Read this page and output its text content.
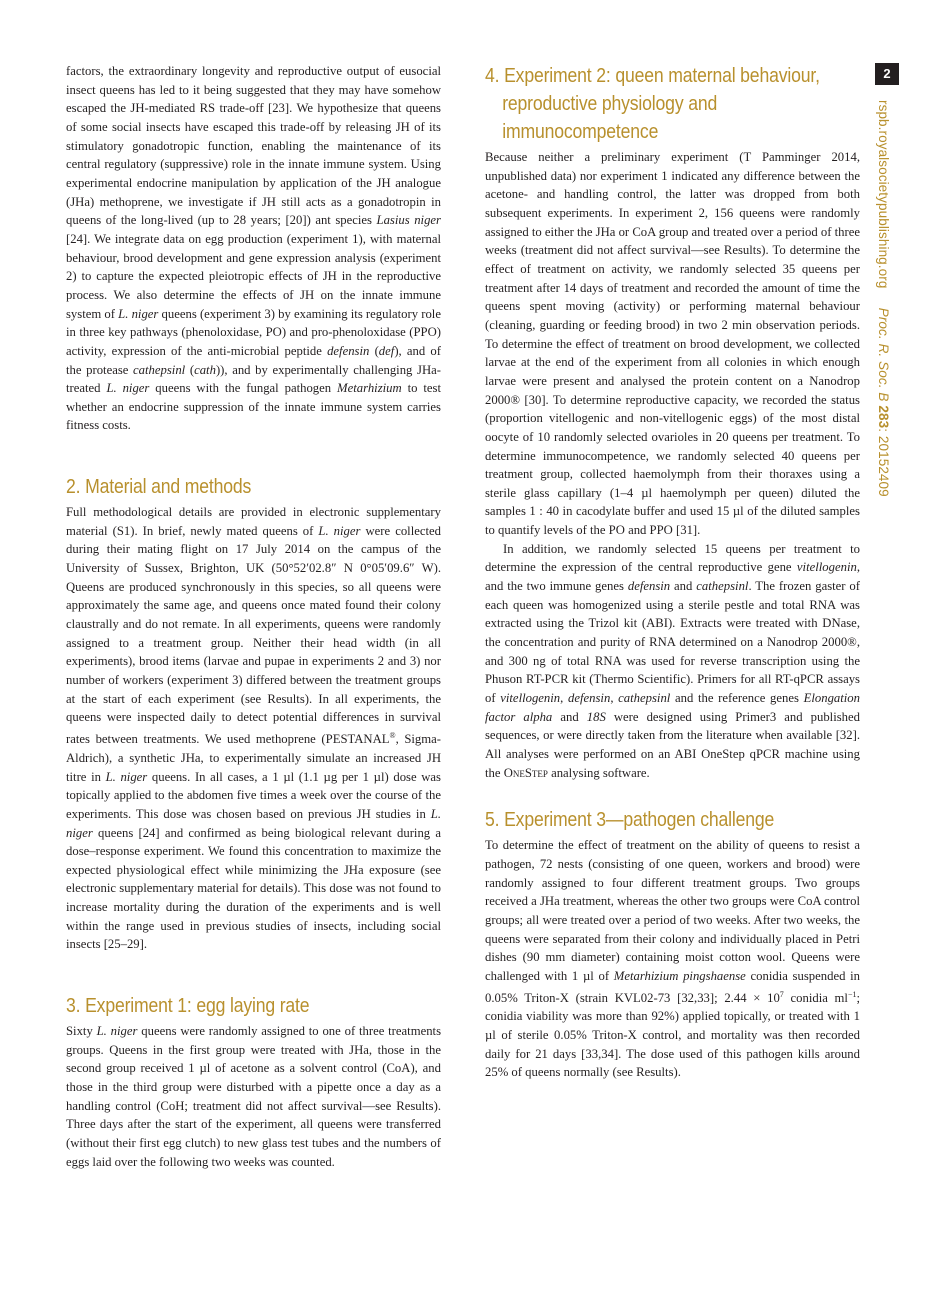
2
rspb.royalsocietypublishing.org     Proc. R. Soc. B 283: 20152409

factors, the extraordinary longevity and reproductive output of eusocial insect queens has led to it being suggested that they may have somehow escaped the JH-mediated RS trade-off [23]. We hypothesize that queens of some social insects have escaped this trade-off by releasing JH of its stimulatory gonadotropic function, enabling the maintenance of its central regulatory (suppressive) role in the innate immune system. Using experimental endocrine manipulation by application of the JH analogue (JHa) methoprene, we investigate if JH still acts as a gonadotropin in queens of the long-lived (up to 28 years; [20]) ant species Lasius niger [24]. We integrate data on egg production (experiment 1), with maternal behaviour, brood development and gene expression analysis (experiment 2) to capture the expected pleiotropic effects of JH in the reproductive process. We also determine the effects of JH on the innate immune system of L. niger queens (experiment 3) by examining its regulatory role in three key pathways (phenoloxidase, PO) and pro-phenoloxidase (PPO) activity, expression of the anti-microbial peptide defensin (def), and of the protease cathepsinl (cath)), and by experimentally challenging JHa-treated L. niger queens with the fungal pathogen Metarhizium to test whether an endocrine suppression of the innate immune system carries fitness costs.

2. Material and methods

Full methodological details are provided in electronic supplementary material (S1). In brief, newly mated queens of L. niger were collected during their mating flight on 17 July 2014 on the campus of the University of Sussex, Brighton, UK (50°52′02.8″ N 0°05′09.6″ W). Queens are produced synchronously in this species, so all queens were approximately the same age, and queens once mated found their colony claustrally and do not remate. In all experiments, queens were randomly assigned to a treatment group. Neither their head width (in all experiments), brood items (larvae and pupae in experiments 2 and 3) nor number of workers (experiment 3) differed between the treatment groups at the start of each experiment (see Results). In all experiments, the queens were inspected daily to detect potential differences in survival rates between treatments. We used methoprene (PESTANAL®, Sigma-Aldrich), a synthetic JHa, to experimentally simulate an increased JH titre in L. niger queens. In all cases, a 1 µl (1.1 µg per 1 µl) dose was topically applied to the abdomen five times a week over the course of the experiments. This dose was chosen based on previous JH studies in L. niger queens [24] and confirmed as being biological relevant during a dose–response experiment. We found this concentration to maximize the expected physiological effect while minimizing the JHa exposure (see electronic supplementary material for details). This dose was not found to increase mortality during the duration of the experiments and is well within the range used in previous studies of insects, including social insects [25–29].

3. Experiment 1: egg laying rate

Sixty L. niger queens were randomly assigned to one of three treatments groups. Queens in the first group were treated with JHa, those in the second group received 1 µl of acetone as a solvent control (CoA), and those in the third group were disturbed with a pipette once a day as a handling control (CoH; treatment did not affect survival—see Results). Three days after the start of the experiment, all queens were transferred (without their first egg clutch) to new glass test tubes and the numbers of eggs laid over the following two weeks was counted.

4. Experiment 2: queen maternal behaviour, reproductive physiology and immunocompetence

Because neither a preliminary experiment (T Pamminger 2014, unpublished data) nor experiment 1 indicated any difference between the acetone- and handling control, the latter was dropped from both subsequent experiments. In experiment 2, 156 queens were randomly assigned to either the JHa or CoA group and treated over a period of three weeks (treatment did not affect survival—see Results). To determine the effect of treatment on activity, we randomly selected 35 queens per treatment after 14 days of treatment and recorded the amount of time the queens spent moving (activity) or performing maternal behaviour (cleaning, guarding or feeding brood) in two 2 min observation periods. To determine the effect of treatment on brood development, we collected larvae at the end of the experiment from all colonies in which enough larvae were present and analysed the protein content on a Nanodrop 2000® [30]. To determine reproductive capacity, we recorded the status (proportion vitellogenic and non-vitellogenic eggs) of the most distal oocyte of 10 randomly selected ovarioles in 20 queens per treatment. To determine immunocompetence, we randomly selected 40 queens per treatment group, collected haemolymph from their thoraxes using a sterile glass capillary (1–4 µl haemolymph per queen) diluted the samples 1 : 40 in cacodylate buffer and used 15 µl of the diluted samples to quantify levels of the PO and PPO [31].

In addition, we randomly selected 15 queens per treatment to determine the expression of the central reproductive gene vitellogenin, and the two immune genes defensin and cathepsinl. The frozen gaster of each queen was homogenized using a sterile pestle and total RNA was extracted using the Trizol kit (ABI). Extracts were treated with DNase, the concentration and purity of RNA determined on a Nanodrop 2000®, and 300 ng of total RNA was used for reverse transcription using the Phuson RT-PCR kit (Thermo Scientific). Primers for all RT-qPCR assays of vitellogenin, defensin, cathepsinl and the reference genes Elongation factor alpha and 18S were designed using Primer3 and published sequences, or were directly taken from the literature when available [32]. All analyses were performed on an ABI OneStep qPCR machine using the OneStep analysing software.

5. Experiment 3—pathogen challenge

To determine the effect of treatment on the ability of queens to resist a pathogen, 72 nests (consisting of one queen, workers and brood) were randomly assigned to four different treatment groups. Two groups received a JHa treatment, whereas the other two groups were CoA control groups; all were treated over a period of two weeks. After two weeks, the queens were separated from their colony and individually placed in Petri dishes (90 mm diameter) containing moist cotton wool. Queens were challenged with 1 µl of Metarhizium pingshaense conidia suspended in 0.05% Triton-X (strain KVL02-73 [32,33]; $2.44 \times 10^7$ conidia $ml^{-1}$; conidia viability was more than 92%) applied topically, or treated with 1 µl of sterile 0.05% Triton-X control, and mortality was then recorded daily for 21 days [33,34]. The dose used of this pathogen kills around 25% of queens normally (see Results).
